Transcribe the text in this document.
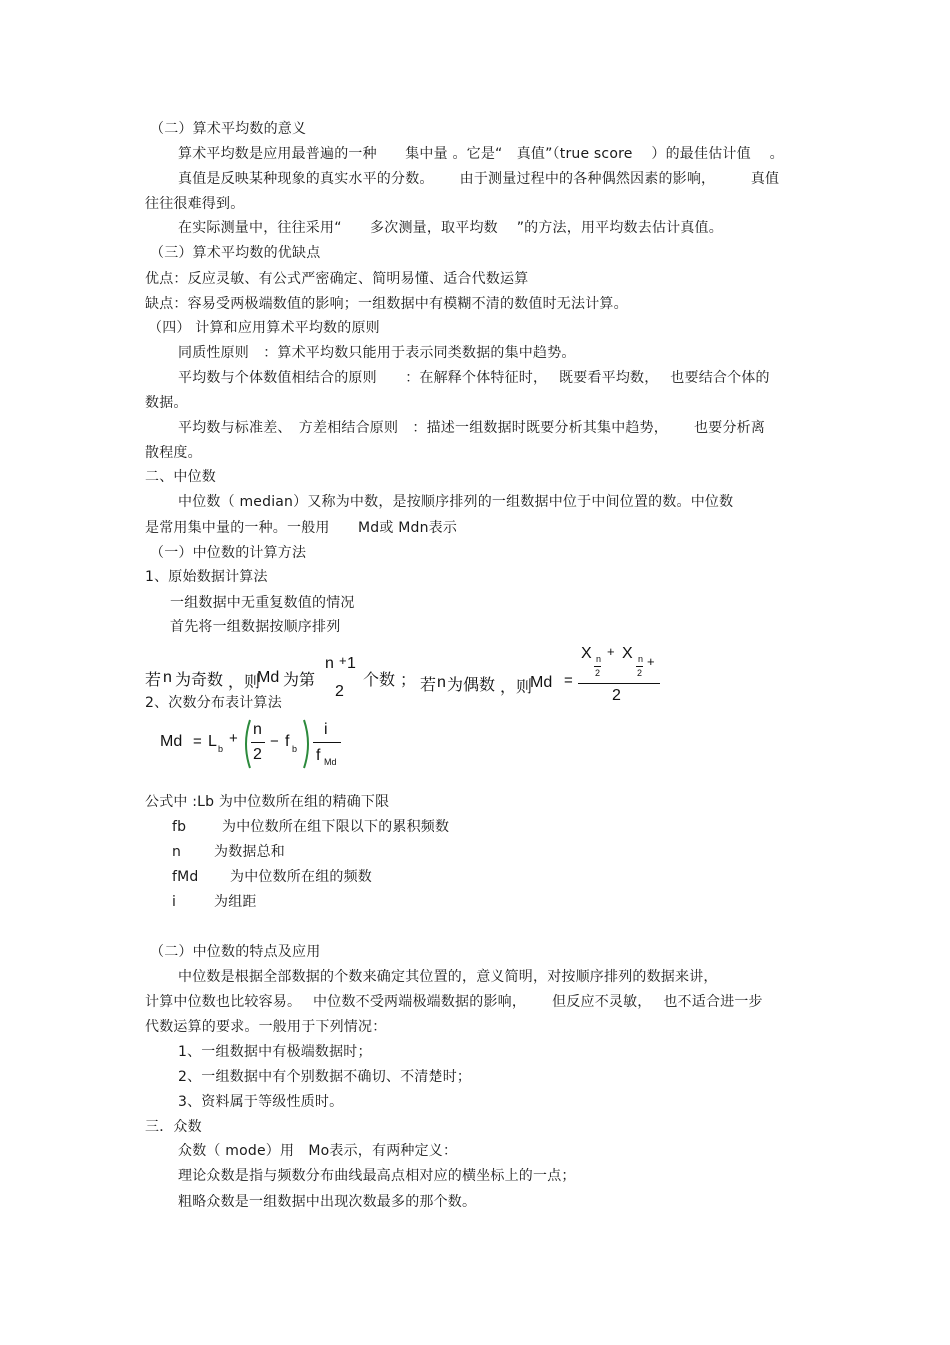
（二）算术平均数的意义
算术平均数是应用最普遍的一种　　集中量 。它是“　真值”（true score　 ）的最佳估计值　 。
真值是反映某种现象的真实水平的分数。　　 由于测量过程中的各种偶然因素的影响，　　　真值
往往很难得到。
在实际测量中，往往采用“　　多次测量，取平均数　 ”的方法，用平均数去估计真值。
（三）算术平均数的优缺点
优点：反应灵敏、有公式严密确定、简明易懂、适合代数运算
缺点：容易受两极端数值的影响；一组数据中有模糊不清的数值时无法计算。
（四） 计算和应用算术平均数的原则
同质性原则　：算术平均数只能用于表示同类数据的集中趋势。
平均数与个体数值相结合的原则　　：在解释个体特征时，　 既要看平均数，　 也要结合个体的
数据。
平均数与标准差、　方差相结合原则　：描述一组数据时既要分析其集中趋势，　　 也要分析离
散程度。
二、中位数
中位数（ median）又称为中数，是按顺序排列的一组数据中位于中间位置的数。中位数
是常用集中量的一种。一般用　　Md或 Mdn表示
（一）中位数的计算方法
1、原始数据计算法
一组数据中无重复数值的情况
首先将一组数据按顺序排列
若 n 为奇数 ，则
Md 为第
n + 1
2
个数 ； 若 n 为偶数 ，则
Md =
X n
2
+ X n
2
+
2
2、次数分布表计算法
Md = L b
+
n
2
− f b
i
f Md
公式中 :Lb 为中位数所在组的精确下限
fb	为中位数所在组下限以下的累积频数
n 为数据总和
fMd 为中位数所在组的频数
i	为组距
（二）中位数的特点及应用
中位数是根据全部数据的个数来确定其位置的，意义简明，对按顺序排列的数据来讲，
计算中位数也比较容易。　 中位数不受两端极端数据的影响，　　 但反应不灵敏，　 也不适合进一步
代数运算的要求。一般用于下列情况：
1、一组数据中有极端数据时；
2、一组数据中有个别数据不确切、不清楚时；
3、资料属于等级性质时。
三．众数
众数（ mode）用　Mo表示，有两种定义：
理论众数是指与频数分布曲线最高点相对应的横坐标上的一点；
粗略众数是一组数据中出现次数最多的那个数。
